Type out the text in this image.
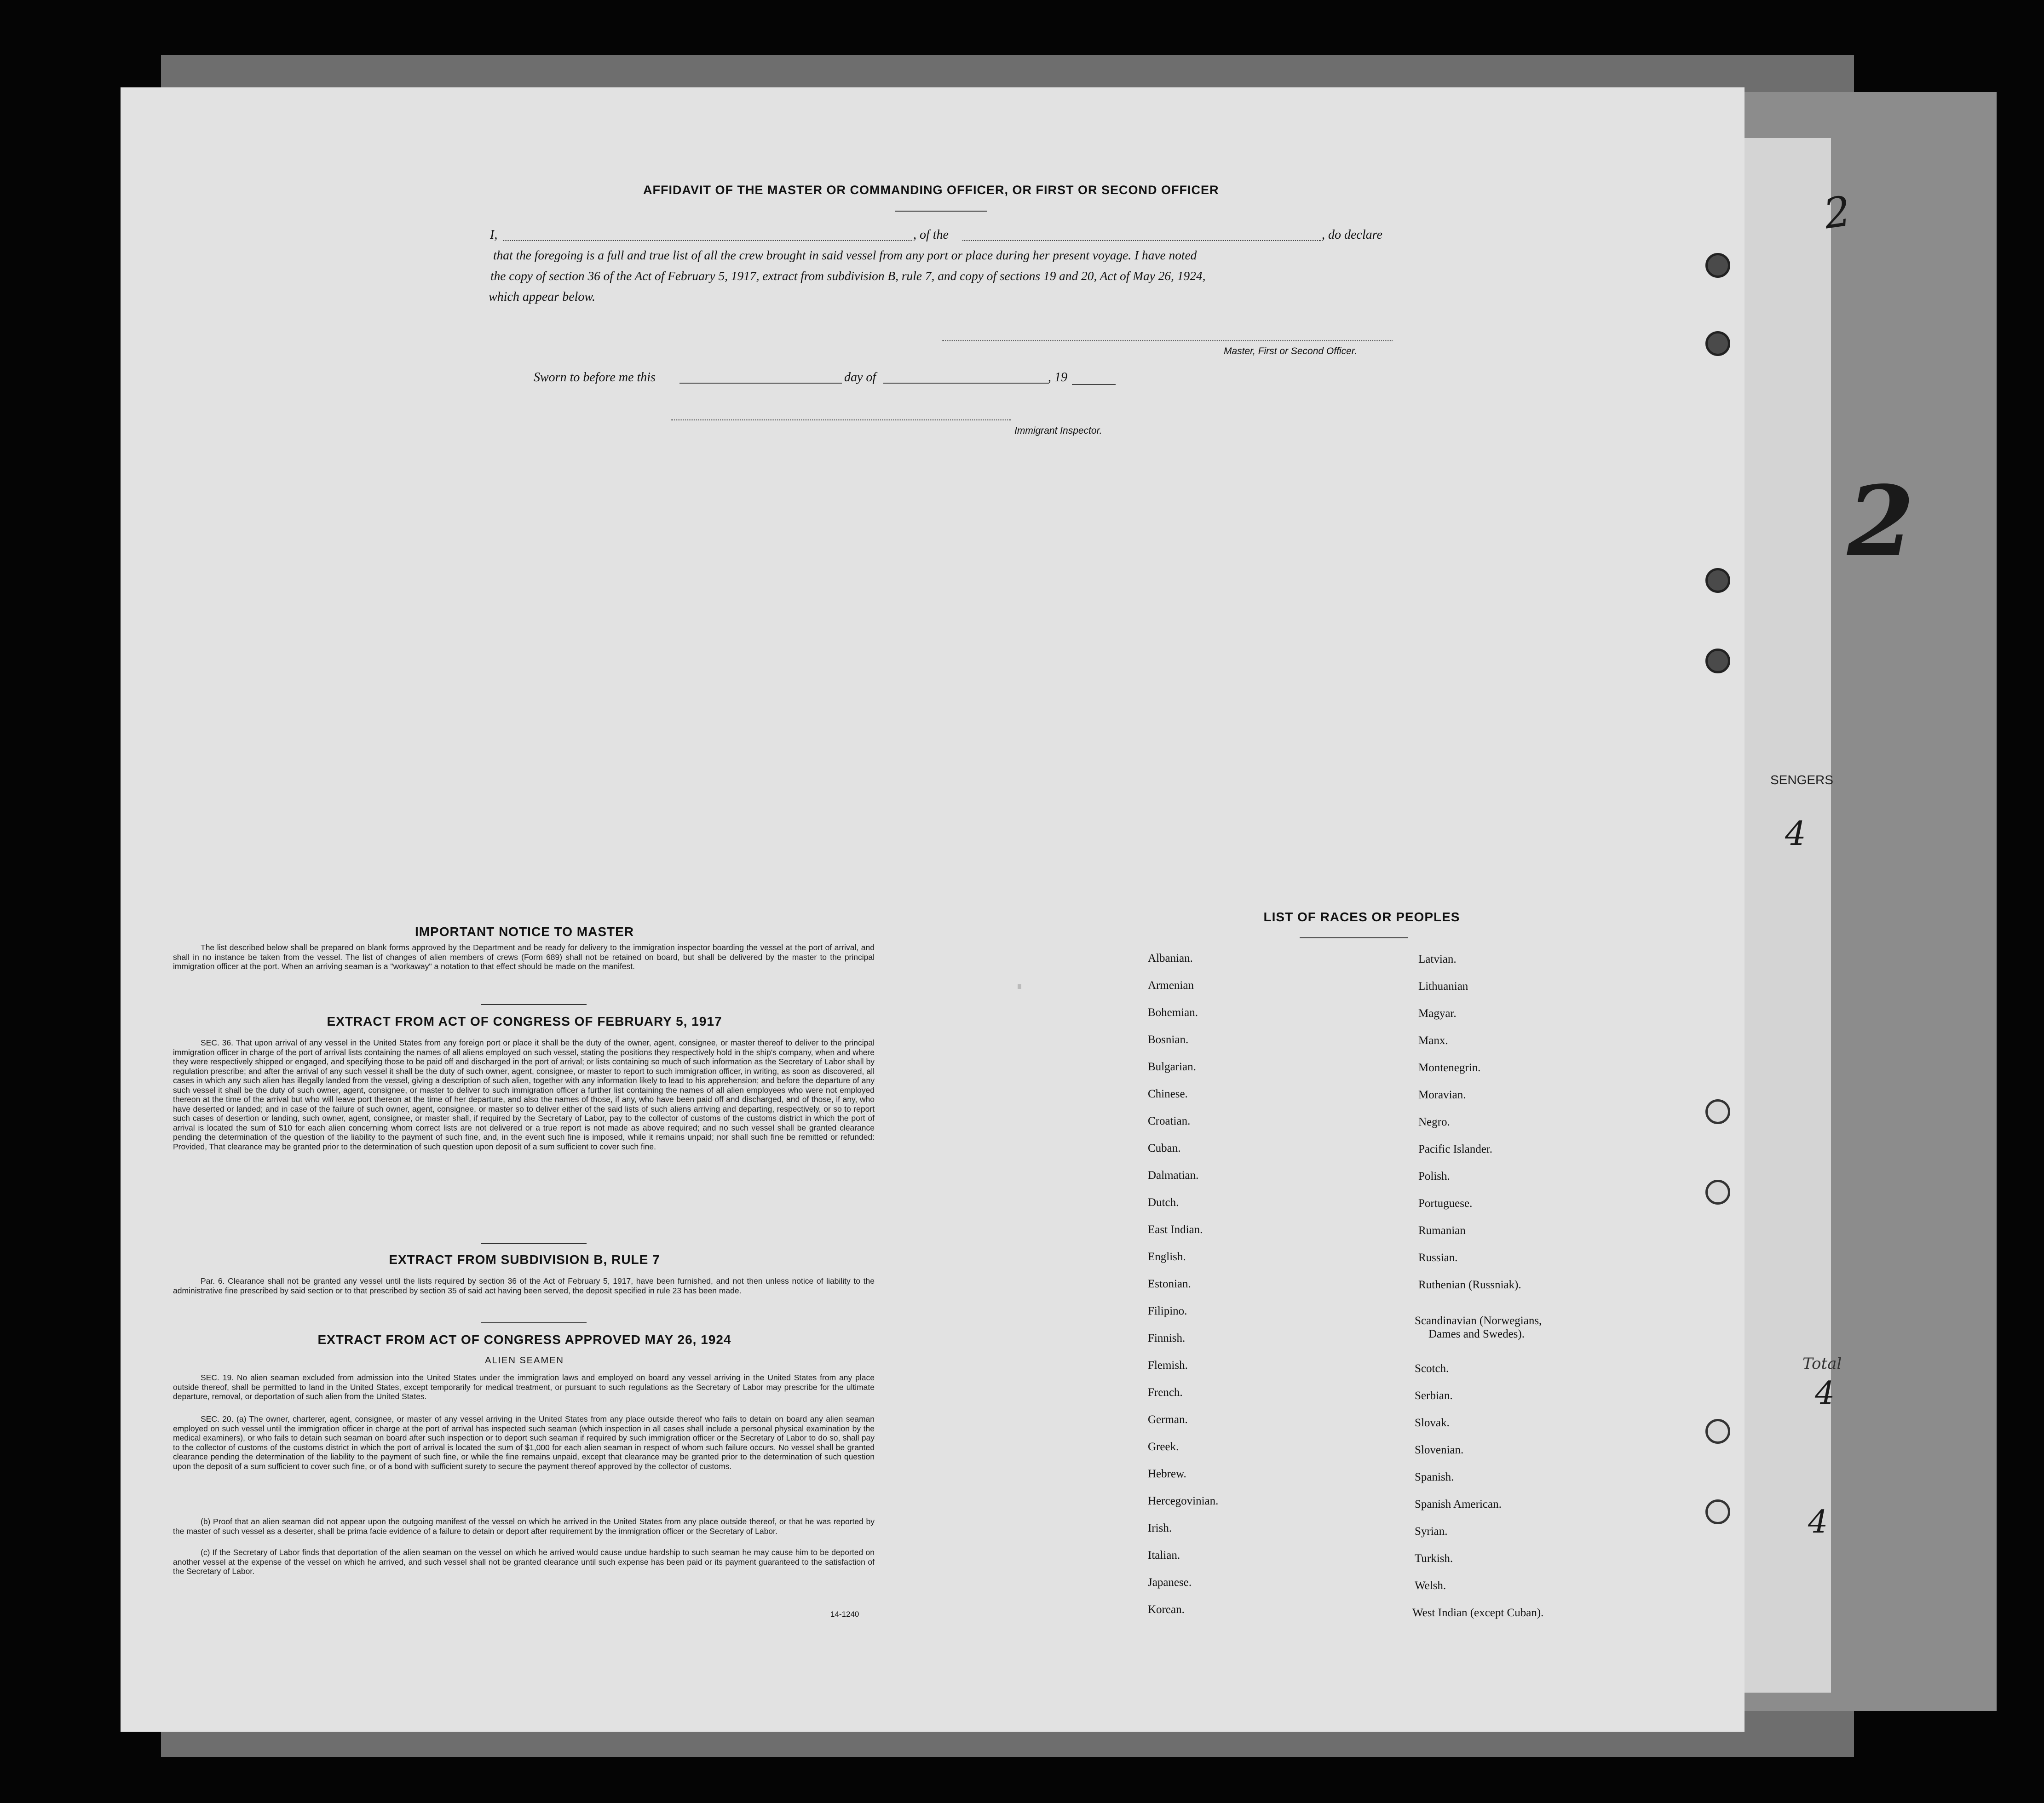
2
2
SENGERS
4
Total
4
4
AFFIDAVIT OF THE MASTER OR COMMANDING OFFICER, OR FIRST OR SECOND OFFICER
I,	, of the	, do declare
that the foregoing is a full and true list of all the crew brought in said vessel from any port or place during her present voyage. I have noted
the copy of section 36 of the Act of February 5, 1917, extract from subdivision B, rule 7, and copy of sections 19 and 20, Act of May 26, 1924,
which appear below.
Master, First or Second Officer.
Sworn to before me this	day of	, 19
Immigrant Inspector.
IMPORTANT NOTICE TO MASTER
The list described below shall be prepared on blank forms approved by the Department and be ready for delivery to the immigration inspector boarding the vessel at the port of arrival, and shall in no instance be taken from the vessel. The list of changes of alien members of crews (Form 689) shall not be retained on board, but shall be delivered by the master to the principal immigration officer at the port. When an arriving seaman is a "workaway" a notation to that effect should be made on the manifest.
EXTRACT FROM ACT OF CONGRESS OF FEBRUARY 5, 1917
SEC. 36. That upon arrival of any vessel in the United States from any foreign port or place it shall be the duty of the owner, agent, consignee, or master thereof to deliver to the principal immigration officer in charge of the port of arrival lists containing the names of all aliens employed on such vessel, stating the positions they respectively hold in the ship's company, when and where they were respectively shipped or engaged, and specifying those to be paid off and discharged in the port of arrival; or lists containing so much of such information as the Secretary of Labor shall by regulation prescribe; and after the arrival of any such vessel it shall be the duty of such owner, agent, consignee, or master to report to such immigration officer, in writing, as soon as discovered, all cases in which any such alien has illegally landed from the vessel, giving a description of such alien, together with any information likely to lead to his apprehension; and before the departure of any such vessel it shall be the duty of such owner, agent, consignee, or master to deliver to such immigration officer a further list containing the names of all alien employees who were not employed thereon at the time of the arrival but who will leave port thereon at the time of her departure, and also the names of those, if any, who have been paid off and discharged, and of those, if any, who have deserted or landed; and in case of the failure of such owner, agent, consignee, or master so to deliver either of the said lists of such aliens arriving and departing, respectively, or so to report such cases of desertion or landing, such owner, agent, consignee, or master shall, if required by the Secretary of Labor, pay to the collector of customs of the customs district in which the port of arrival is located the sum of $10 for each alien concerning whom correct lists are not delivered or a true report is not made as above required; and no such vessel shall be granted clearance pending the determination of the question of the liability to the payment of such fine, and, in the event such fine is imposed, while it remains unpaid; nor shall such fine be remitted or refunded: Provided, That clearance may be granted prior to the determination of such question upon deposit of a sum sufficient to cover such fine.
EXTRACT FROM SUBDIVISION B, RULE 7
Par. 6. Clearance shall not be granted any vessel until the lists required by section 36 of the Act of February 5, 1917, have been furnished, and not then unless notice of liability to the administrative fine prescribed by said section or to that prescribed by section 35 of said act having been served, the deposit specified in rule 23 has been made.
EXTRACT FROM ACT OF CONGRESS APPROVED MAY 26, 1924
ALIEN SEAMEN
SEC. 19. No alien seaman excluded from admission into the United States under the immigration laws and employed on board any vessel arriving in the United States from any place outside thereof, shall be permitted to land in the United States, except temporarily for medical treatment, or pursuant to such regulations as the Secretary of Labor may prescribe for the ultimate departure, removal, or deportation of such alien from the United States.
SEC. 20. (a) The owner, charterer, agent, consignee, or master of any vessel arriving in the United States from any place outside thereof who fails to detain on board any alien seaman employed on such vessel until the immigration officer in charge at the port of arrival has inspected such seaman (which inspection in all cases shall include a personal physical examination by the medical examiners), or who fails to detain such seaman on board after such inspection or to deport such seaman if required by such immigration officer or the Secretary of Labor to do so, shall pay to the collector of customs of the customs district in which the port of arrival is located the sum of $1,000 for each alien seaman in respect of whom such failure occurs. No vessel shall be granted clearance pending the determination of the liability to the payment of such fine, or while the fine remains unpaid, except that clearance may be granted prior to the determination of such question upon the deposit of a sum sufficient to cover such fine, or of a bond with sufficient surety to secure the payment thereof approved by the collector of customs.
(b) Proof that an alien seaman did not appear upon the outgoing manifest of the vessel on which he arrived in the United States from any place outside thereof, or that he was reported by the master of such vessel as a deserter, shall be prima facie evidence of a failure to detain or deport after requirement by the immigration officer or the Secretary of Labor.
(c) If the Secretary of Labor finds that deportation of the alien seaman on the vessel on which he arrived would cause undue hardship to such seaman he may cause him to be deported on another vessel at the expense of the vessel on which he arrived, and such vessel shall not be granted clearance until such expense has been paid or its payment guaranteed to the satisfaction of the Secretary of Labor.
14-1240
LIST OF RACES OR PEOPLES
Albanian.
Armenian
Bohemian.
Bosnian.
Bulgarian.
Chinese.
Croatian.
Cuban.
Dalmatian.
Dutch.
East Indian.
English.
Estonian.
Filipino.
Finnish.
Flemish.
French.
German.
Greek.
Hebrew.
Hercegovinian.
Irish.
Italian.
Japanese.
Korean.
Latvian.
Lithuanian
Magyar.
Manx.
Montenegrin.
Moravian.
Negro.
Pacific Islander.
Polish.
Portuguese.
Rumanian
Russian.
Ruthenian (Russniak).
Scandinavian (Norwegians,
Dames and Swedes).
Scotch.
Serbian.
Slovak.
Slovenian.
Spanish.
Spanish American.
Syrian.
Turkish.
Welsh.
West Indian (except Cuban).
